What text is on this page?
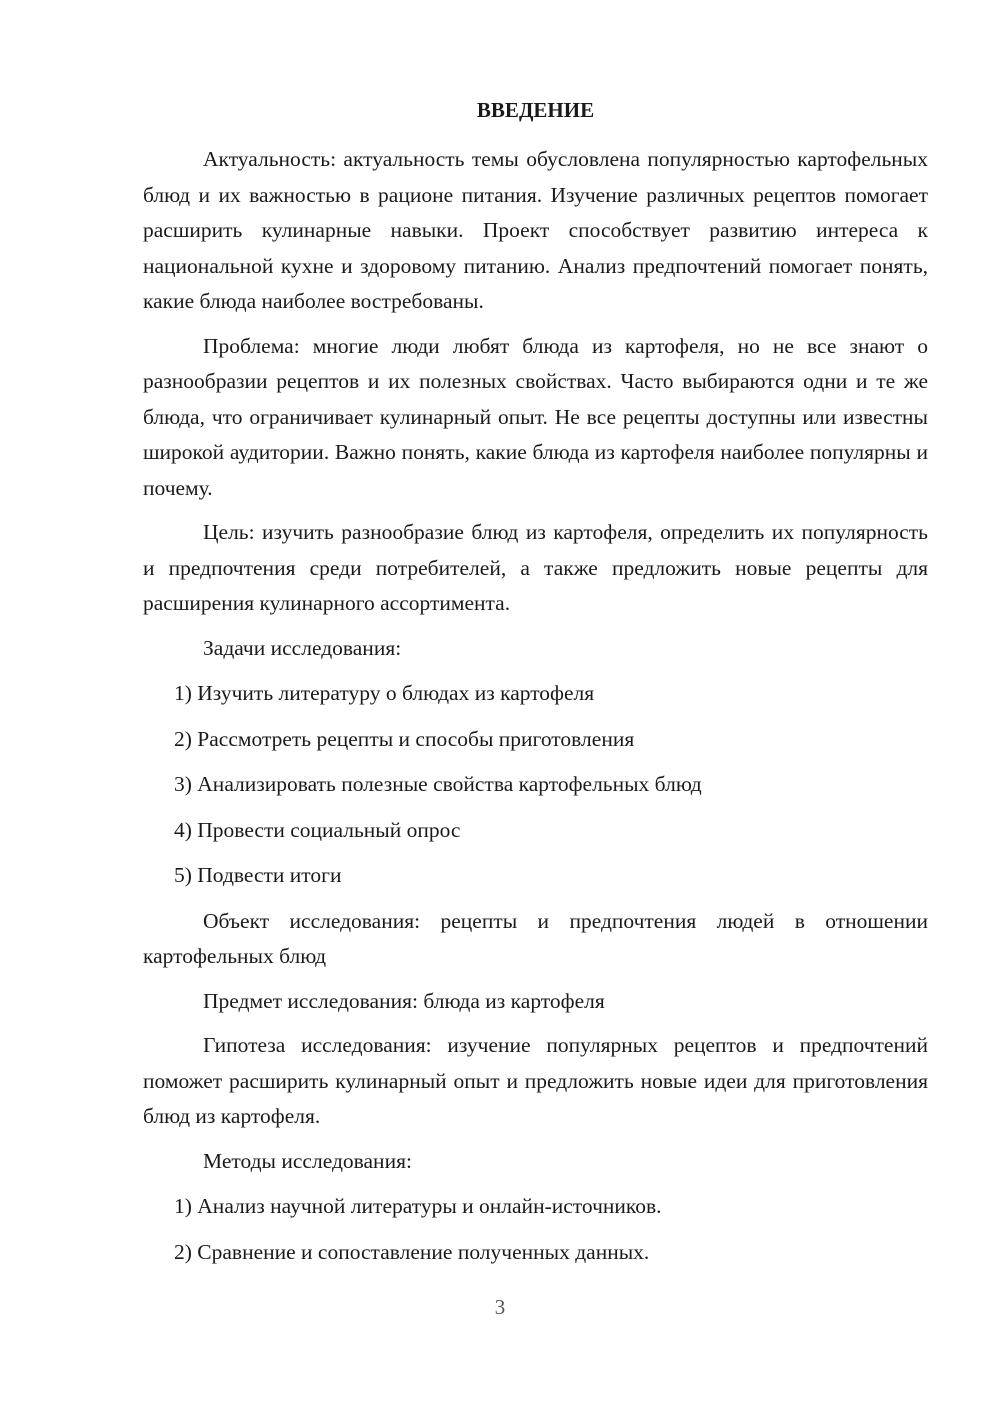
ВВЕДЕНИЕ

Актуальность: актуальность темы обусловлена популярностью картофельных блюд и их важностью в рационе питания. Изучение различных рецептов помогает расширить кулинарные навыки. Проект способствует развитию интереса к национальной кухне и здоровому питанию. Анализ предпочтений помогает понять, какие блюда наиболее востребованы.

Проблема: многие люди любят блюда из картофеля, но не все знают о разнообразии рецептов и их полезных свойствах. Часто выбираются одни и те же блюда, что ограничивает кулинарный опыт. Не все рецепты доступны или известны широкой аудитории. Важно понять, какие блюда из картофеля наиболее популярны и почему.

Цель: изучить разнообразие блюд из картофеля, определить их популярность и предпочтения среди потребителей, а также предложить новые рецепты для расширения кулинарного ассортимента.

Задачи исследования:
1) Изучить литературу о блюдах из картофеля
2) Рассмотреть рецепты и способы приготовления
3) Анализировать полезные свойства картофельных блюд
4) Провести социальный опрос
5) Подвести итоги

Объект исследования: рецепты и предпочтения людей в отношении картофельных блюд

Предмет исследования: блюда из картофеля

Гипотеза исследования: изучение популярных рецептов и предпочтений поможет расширить кулинарный опыт и предложить новые идеи для приготовления блюд из картофеля.

Методы исследования:
1) Анализ научной литературы и онлайн-источников.
2) Сравнение и сопоставление полученных данных.
3
